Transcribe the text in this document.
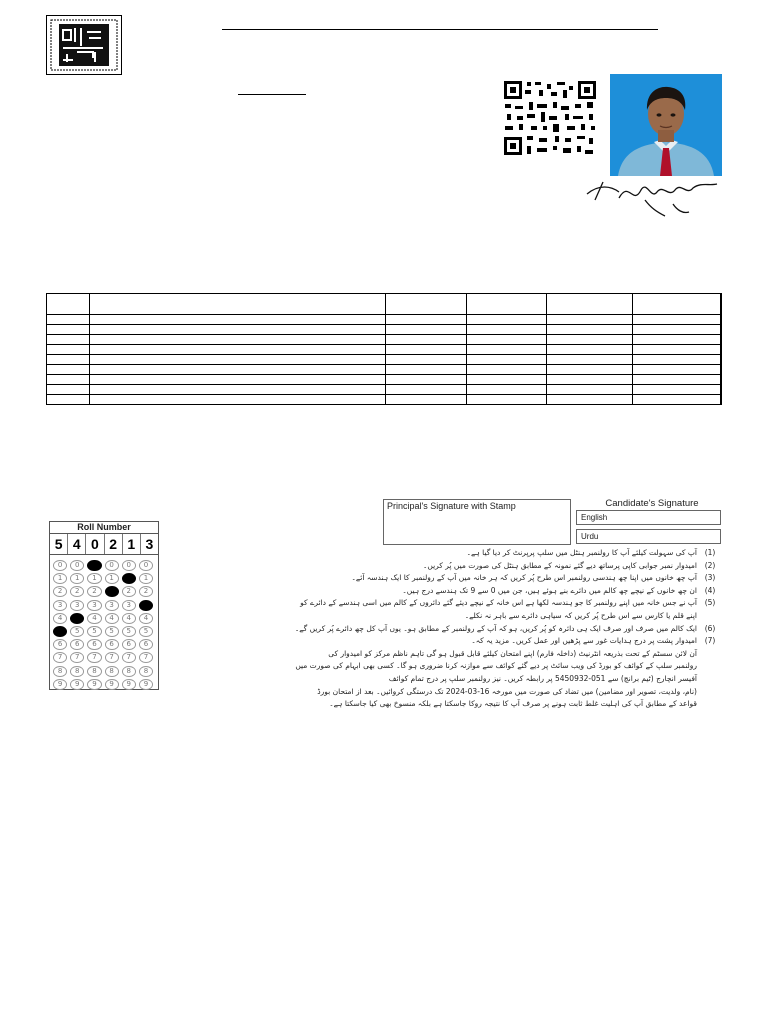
Roll Number
5 4 0 2 1 3
0	0	0	0	0	0
1	1	1	1	1	1
2	2	2	2	2	2
3	3	3	3	3	3
4	4	4	4	4	4
5	5	5	5	5	5
6	6	6	6	6	6
7	7	7	7	7	7
8	8	8	8	8	8
9	9	9	9	9	9
Principal's Signature with Stamp	Candidate's Signature
English
Urdu
(1)
آپ کی سہولت کیلئے آپ کا رولنمبر ہنٹل میں سلپ پرپرنٹ کر دیا گیا ہے۔
(2)
امیدوار نمبر جوابی کاپی پرساتھ دیے گئے نمونہ کے مطابق ہنٹل کی صورت میں پُر کریں۔
(3)
آپ چھ خانوں میں اپنا چھ ہندسی رولنمبر اس طرح پُر کریں کہ ہر خانہ میں آپ کے رولنمبر کا ایک ہندسہ آئے۔
(4)
ان چھ خانوں کے نیچے چھ کالم میں دائرے بنے ہوئے ہیں، جن میں 0 سے 9 تک ہندسے درج ہیں۔
(5)
آپ نے جس خانہ میں اپنے رولنمبر کا جو ہندسہ لکھا ہے اس خانہ کے نیچے دیئے گئے دائروں کے کالم میں اسی ہندسے کے دائرے کو
اپنے قلم یا کارس سے اس طرح پُر کریں کہ سیاہی دائرے سے باہر نہ نکلے۔
(6)
ایک کالم میں صرف اور صرف ایک ہی دائرہ کو پُر کریں، ہو کہ آپ کے رولنمبر کے مطابق ہو۔ یوں آپ کل چھ دائرے پُر کریں گے۔
(7)
امیدوار پشت پر درج ہدایات غور سے پڑھیں اور عمل کریں۔ مزید یہ کہ۔
آن لائن سسٹم کے تحت بذریعہ انٹرنیٹ (داخلہ فارم) اپنے امتحان کیلئے قابل قبول ہو گی تاہم ناظم مرکز کو امیدوار کی
رولنمبر سلپ کے کوائف کو بورڈ کی ویب سائٹ پر دیے گئے کوائف سے موازنہ کرنا ضروری ہو گا۔ کسی بھی ابہام کی صورت میں
آفیسر انچارج (ٹیم برانچ) سے 051-5450932 پر رابطہ کریں۔ نیز رولنمبر سلپ پر درج تمام کوائف
(نام، ولدیت، تصویر اور مضامین) میں تضاد کی صورت میں مورخہ 16-03-2024 تک درستگی کروائیں۔ بعد از امتحان بورڈ
قواعد کے مطابق آپ کی اہلیت غلط ثابت ہونے پر صرف آپ کا نتیجہ روکا جاسکتا ہے بلکہ منسوخ بھی کیا جاسکتا ہے۔
